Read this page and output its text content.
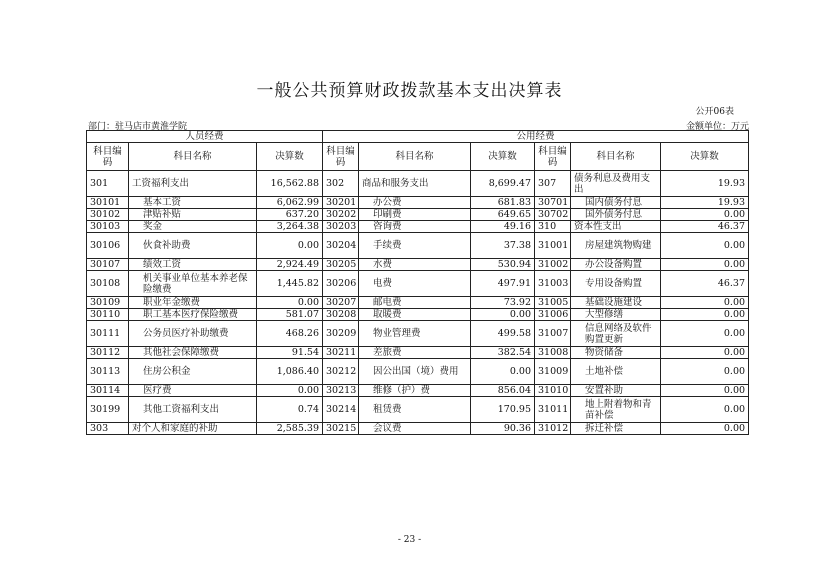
一般公共预算财政拨款基本支出决算表
公开06表
部门：驻马店市黄淮学院	金额单位：万元
人员经费			公用经费					
科目编码	科目名称	决算数	科目编码	科目名称	决算数	科目编码	科目名称	决算数
301	工资福利支出	16,562.88	302	商品和服务支出	8,699.47	307	债务利息及费用支出	19.93
30101	基本工资	6,062.99	30201	办公费	681.83	30701	国内债务付息	19.93
30102	津贴补贴	637.20	30202	印刷费	649.65	30702	国外债务付息	0.00
30103	奖金	3,264.38	30203	咨询费	49.16	310	资本性支出	46.37
30106	伙食补助费	0.00	30204	手续费	37.38	31001	房屋建筑物购建	0.00
30107	绩效工资	2,924.49	30205	水费	530.94	31002	办公设备购置	0.00
30108	机关事业单位基本养老保险缴费	1,445.82	30206	电费	497.91	31003	专用设备购置	46.37
30109	职业年金缴费	0.00	30207	邮电费	73.92	31005	基础设施建设	0.00
30110	职工基本医疗保险缴费	581.07	30208	取暖费	0.00	31006	大型修缮	0.00
30111	公务员医疗补助缴费	468.26	30209	物业管理费	499.58	31007	信息网络及软件购置更新	0.00
30112	其他社会保障缴费	91.54	30211	差旅费	382.54	31008	物资储备	0.00
30113	住房公积金	1,086.40	30212	因公出国（境）费用	0.00	31009	土地补偿	0.00
30114	医疗费	0.00	30213	维修（护）费	856.04	31010	安置补助	0.00
30199	其他工资福利支出	0.74	30214	租赁费	170.95	31011	地上附着物和青苗补偿	0.00
303	对个人和家庭的补助	2,585.39	30215	会议费	90.36	31012	拆迁补偿	0.00
- 23 -
